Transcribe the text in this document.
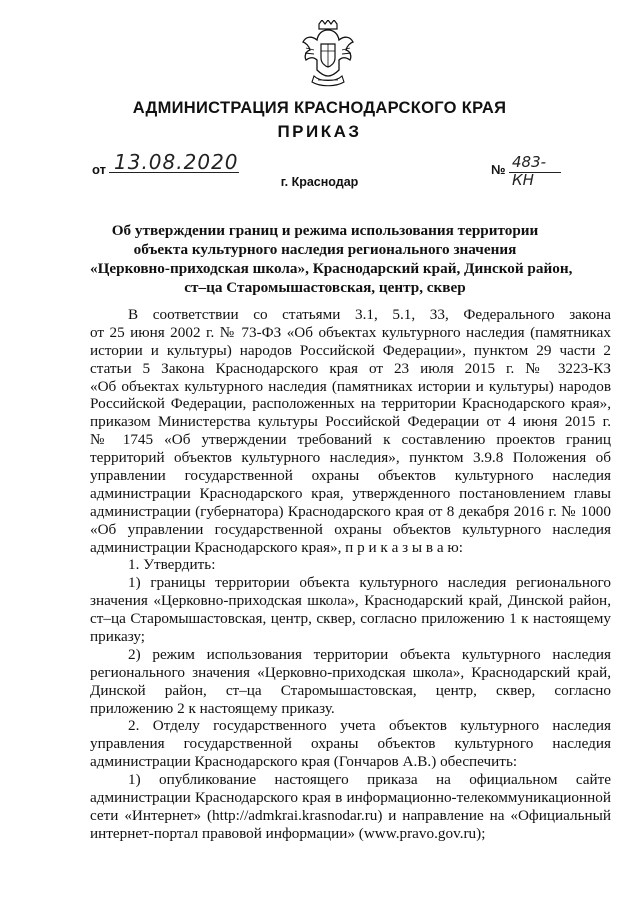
АДМИНИСТРАЦИЯ КРАСНОДАРСКОГО КРАЯ
ПРИКАЗ
от 13.08.2020	№ 483-КН
г. Краснодар
Об утверждении границ и режима использования территории
объекта культурного наследия регионального значения
«Церковно-приходская школа», Краснодарский край, Динской район,
ст–ца Старомышастовская, центр, сквер
В соответствии со статьями 3.1, 5.1, 33, Федерального закона
от 25 июня 2002 г. № 73-ФЗ «Об объектах культурного наследия (памятниках
истории и культуры) народов Российской Федерации», пунктом 29 части 2
статьи 5 Закона Краснодарского края от 23 июля 2015 г. № 3223-КЗ
«Об объектах культурного наследия (памятниках истории и культуры) народов
Российской Федерации, расположенных на территории Краснодарского края»,
приказом Министерства культуры Российской Федерации от 4 июня 2015 г.
№ 1745 «Об утверждении требований к составлению проектов границ
территорий объектов культурного наследия», пунктом 3.9.8 Положения об
управлении государственной охраны объектов культурного наследия
администрации Краснодарского края, утвержденного постановлением главы
администрации (губернатора) Краснодарского края от 8 декабря 2016 г. № 1000
«Об управлении государственной охраны объектов культурного наследия
администрации Краснодарского края», п р и к а з ы в а ю:
1. Утвердить:
1) границы территории объекта культурного наследия регионального
значения «Церковно-приходская школа», Краснодарский край, Динской район,
ст–ца Старомышастовская, центр, сквер, согласно приложению 1 к настоящему
приказу;
2) режим использования территории объекта культурного наследия
регионального значения «Церковно-приходская школа», Краснодарский край,
Динской район, ст–ца Старомышастовская, центр, сквер, согласно
приложению 2 к настоящему приказу.
2. Отделу государственного учета объектов культурного наследия
управления государственной охраны объектов культурного наследия
администрации Краснодарского края (Гончаров А.В.) обеспечить:
1) опубликование настоящего приказа на официальном сайте
администрации Краснодарского края в информационно-телекоммуникационной
сети «Интернет» (http://admkrai.krasnodar.ru) и направление на «Официальный
интернет-портал правовой информации» (www.pravo.gov.ru);
